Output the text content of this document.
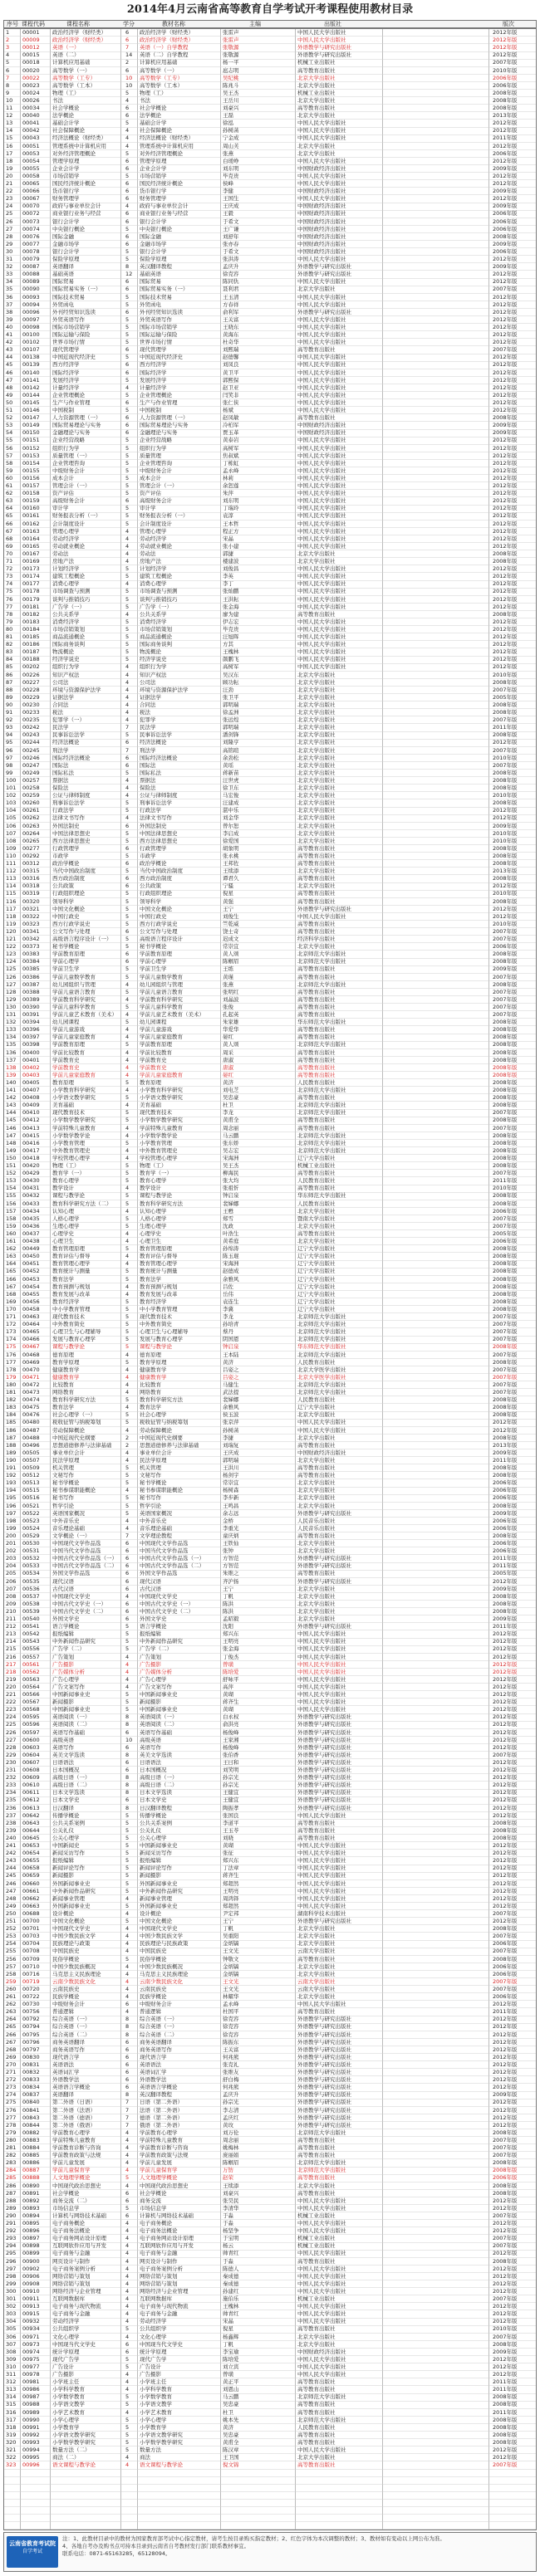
2014年4月云南省高等教育自学考试开考课程使用教材目录
序号 课程代码	课程名称	学分	教材名称	主编	出版社	版次
1	00001	政治经济学（财经类）	6	政治经济学（财经类）	张雷声	中国人民大学出版社	2012年版
2	00009	政治经济学（财经类）	6	政治经济学（财经类）	张雷声	中国人民大学出版社	2012年版
3	00012	英语（一）	7	英语（一）自学教程	张敬源	外语教学与研究出版社	2012年版
4	00015	英语（二）	14	英语（二）自学教程	张敬源	外语教学与研究出版社	2012年版
5	00018	计算机应用基础	2	计算机应用基础	杨一平	机械工业出版社	2007年版
6	00020	高等数学（一）	6	高等数学（一）	扈志明	高等教育出版社	2010年版
7	00022	高等数学（工专）	10	高等数学（工专）	吴纪桃	北京大学出版社	2006年版
8	00023	高等数学（工本）	10	高等数学（工本）	陈兆斗	北京大学出版社	2006年版
9	00024	物理（工）	5	物理（工）	吴王杰	机械工业出版社	2008年版
10	00026	书法	4	书法	王岳川	北京大学出版社	2008年版
11	00034	社会学概论	6	社会学概论	刘豪兴	高等教育出版社	2008年版
12	00040	法学概论	6	法学概论	王磊	北京大学出版社	2013年版
13	00041	基础会计学	5	基础会计学	徐泓	中国人民大学出版社	2012年版
14	00042	社会保障概论	4	社会保障概论	孙树菡	中国人民大学出版社	2012年版
15	00043	经济法概论（财经类）	4	经济法概论（财经类）	宁金成	中国人民大学出版社	2011年版
16	00051	管理系统中计算机应用	4	管理系统中计算机应用	周山芙	北京大学出版社	2012年版
17	00053	对外经济管理概论	5	对外经济管理概论	张燕	北京大学出版社	2006年版
18	00054	管理学原理	6	管理学原理	白瑷峥	中国人民大学出版社	2012年版
19	00055	企业会计学	6	企业会计学	刘东明	中国财政经济出版社	2009年版
20	00058	市场营销学	5	市场营销学	毕克贵	中国人民大学出版社	2012年版
21	00065	国民经济统计概论	6	国民经济统计概论	侯峰	中国人民大学出版社	2012年版
22	00066	货币银行学	6	货币银行学	李健	中国财政经济出版社	2009年版
23	00067	财务管理学	6	财务管理学	王国生	中国人民大学出版社	2012年版
24	00070	政府与事业单位会计	4	政府与事业单位会计	王庆成	中国财政经济出版社	2009年版
25	00072	商业银行业务与经营	6	商业银行业务与经营	王毅	中国财政经济出版社	2006年版
26	00073	银行会计学	6	银行会计学	于希文	中国财政经济出版社	2006年版
27	00074	中央银行概论	5	中央银行概论	王广谦	中国财政经济出版社	2006年版
28	00076	国际金融	6	国际金融	刘舒年	中国财政经济出版社	2008年版
29	00077	金融市场学	6	金融市场学	张亦春	中国财政经济出版社	2009年版
30	00078	银行会计学	5	银行会计学	于希文	中国财政经济出版社	2006年版
31	00079	保险学原理	5	保险学原理	张洪涛	中国人民大学出版社	2012年版
32	00087	英语翻译	8	英汉翻译教程	孟庆升	外语教学与研究出版社	2009年版
33	00088	基础英语	12	基础英语	徐克容	外语教学与研究出版社	2012年版
34	00089	国际贸易	6	国际贸易	陈同仇	中国人民大学出版社	2012年版
35	00090	国际贸易实务（一）	6	国际贸易实务（一）	聂利君	北京大学出版社	2007年版
36	00093	国际技术贸易	5	国际技术贸易	王玉清	中国人民大学出版社	2012年版
37	00094	外贸函电	5	外贸函电	方春祥	中国人民大学出版社	2012年版
38	00096	外刊经贸知识选读	6	外刊经贸知识选读	俞利军	外语教学与研究出版社	2012年版
39	00097	外贸英语写作	5	外贸英语写作	王关富	中国人民大学出版社	2012年版
40	00098	国际市场营销学	5	国际市场营销学	王晓东	中国人民大学出版社	2012年版
41	00100	国际运输与保险	5	国际运输与保险	黄海东	中国人民大学出版社	2012年版
42	00102	世界市场行情	5	世界市场行情	杜奇华	中国人民大学出版社	2012年版
43	00107	现代管理学	6	现代管理学	刘熙瑞	高等教育出版社	2007年版
44	00138	中国近现代经济史	5	中国近现代经济史	赵德馨	中国人民大学出版社	2012年版
45	00139	西方经济学	6	西方经济学	刘凤良	中国人民大学出版社	2012年版
46	00140	国际经济学	6	国际经济学	黄卫平	中国人民大学出版社	2012年版
47	00141	发展经济学	5	发展经济学	郭熙保	中国人民大学出版社	2012年版
48	00142	计量经济学	4	计量经济学	赵卫亚	中国人民大学出版社	2012年版
49	00144	企业管理概论	5	企业管理概论	闫笑非	中国人民大学出版社	2012年版
50	00145	生产与作业管理	6	生产与作业管理	张仁侠	中国人民大学出版社	2012年版
51	00146	中国税制	5	中国税制	杨斌	中国人民大学出版社	2012年版
52	00147	人力资源管理（一）	6	人力资源管理（一）	赵凤敏	高等教育出版社	2008年版
53	00149	国际贸易理论与实务	6	国际贸易理论与实务	冷柏军	中国财政经济出版社	2009年版
54	00150	金融理论与实务	6	金融理论与实务	贾玉革	中国财政经济出版社	2009年版
55	00151	企业经营战略	5	企业经营战略	黄泰岩	中国人民大学出版社	2012年版
56	00152	组织行为学	5	组织行为学	高树军	中国人民大学出版社	2012年版
57	00153	质量管理（一）	5	质量管理	焦叔斌	中国人民大学出版社	2012年版
58	00154	企业管理咨询	5	企业管理咨询	丁栋虹	中国人民大学出版社	2012年版
59	00155	中级财务会计	5	中级财务会计	孟永峰	中国人民大学出版社	2012年版
60	00156	成本会计	5	成本会计	林莉	中国人民大学出版社	2012年版
61	00157	管理会计（一）	5	管理会计（一）	余恕莲	中国人民大学出版社	2012年版
62	00158	资产评估	5	资产评估	朱萍	中国人民大学出版社	2012年版
63	00159	高级财务会计	6	高级财务会计	刘东明	中国人民大学出版社	2012年版
64	00160	审计学	5	审计学	丁瑞玲	中国人民大学出版社	2012年版
65	00161	财务报表分析（一）	5	财务报表分析（一）	袁淳	中国人民大学出版社	2012年版
66	00162	会计制度设计	5	会计制度设计	王本哲	中国人民大学出版社	2012年版
67	00163	管理心理学	4	管理心理学	程正方	中国人民大学出版社	2012年版
68	00164	劳动经济学	4	劳动经济学	宋晶	中国人民大学出版社	2012年版
69	00165	劳动就业概论	4	劳动就业概论	张小建	中国人民大学出版社	2012年版
70	00167	劳动法	4	劳动法	郭捷	北京大学出版社	2008年版
71	00169	房地产法	4	房地产法	楼建波	北京大学出版社	2008年版
72	00173	计划经济学	5	计划经济学	刘俊昌	中国人民大学出版社	2012年版
73	00174	建筑工程概论	5	建筑工程概论	李英	中国人民大学出版社	2012年版
74	00177	消费心理学	4	消费心理学	李丁	中国人民大学出版社	2012年版
75	00178	市场调查与预测	5	市场调查与预测	张灿鹏	中国人民大学出版社	2012年版
76	00179	谈判与推销技巧	5	谈判与推销技巧	王洪耘	中国人民大学出版社	2012年版
77	00181	广告学（一）	5	广告学（一）	张金海	中国人民大学出版社	2012年版
78	00182	公共关系学	4	公共关系学	廖为建	高等教育出版社	2008年版
79	00183	消费经济学	5	消费经济学	伊志宏	中国人民大学出版社	2012年版
80	00184	市场营销策划	5	市场营销策划	毕克贵	中国人民大学出版社	2012年版
81	00185	商品流通概论	5	商品流通概论	汪旭晖	中国人民大学出版社	2012年版
82	00186	国际商务谈判	5	国际商务谈判	方其	中国人民大学出版社	2012年版
83	00187	物流概论	5	物流概论	王槐林	中国人民大学出版社	2012年版
84	00188	经济学说史	5	经济学说史	颜鹏飞	中国人民大学出版社	2012年版
85	00202	组织行为学	4	组织行为学	高树军	中国人民大学出版社	2012年版
86	00226	知识产权法	4	知识产权法	吴汉东	北京大学出版社	2010年版
87	00227	公司法	4	公司法	顾功耘	北京大学出版社	2008年版
88	00228	环境与资源保护法学	4	环境与资源保护法学	汪劲	北京大学出版社	2007年版
89	00229	证据法学	4	证据法学	张卫平	北京大学出版社	2005年版
90	00230	合同法	4	合同法	郭明瑞	北京大学出版社	2008年版
91	00233	税法	4	税法	徐孟洲	北京大学出版社	2008年版
92	00235	犯罪学（一）	4	犯罪学	张远煌	北京大学出版社	2007年版
93	00242	民法学	7	民法学	郭明瑞	北京大学出版社	2011年版
94	00243	民事诉讼法学	5	民事诉讼法学	潘剑锋	北京大学出版社	2008年版
95	00244	经济法概论	6	经济法概论	刘隆亨	北京大学出版社	2012年版
96	00245	刑法学	7	刑法学	高铭暄	北京大学出版社	2007年版
97	00246	国际经济法概论	6	国际经济法概论	余劲松	北京大学出版社	2010年版
98	00247	国际法	6	国际法	黄瑶	北京大学出版社	2007年版
99	00249	国际私法	5	国际私法	蒋新苗	北京大学出版社	2008年版
100	00257	票据法	4	票据法	汪世虎	北京大学出版社	2008年版
101	00258	保险法	4	保险法	徐卫东	北京大学出版社	2008年版
102	00259	公证与律师制度	4	公证与律师制度	马宏俊	北京大学出版社	2010年版
103	00260	刑事诉讼法学	5	刑事诉讼法学	汪建成	北京大学出版社	2008年版
104	00261	行政法学	5	行政法学	湛中乐	北京大学出版社	2012年版
105	00262	法律文书写作	4	法律文书写作	刘金华	北京大学出版社	2012年版
106	00263	外国法制史	6	外国法制史	曾尔恕	北京大学出版社	2009年版
107	00264	中国法律思想史	5	中国法律思想史	李启成	北京大学出版社	2010年版
108	00265	西方法律思想史	5	西方法律思想史	徐爱国	北京大学出版社	2010年版
109	00277	行政管理学	6	行政管理学	胡象明	高等教育出版社	2008年版
110	00292	市政学	5	市政学	张永桃	高等教育出版社	2008年版
111	00312	政治学概论	6	政治学概论	王邦佐	高等教育出版社	2008年版
112	00315	当代中国政治制度	5	当代中国政治制度	王续添	北京大学出版社	2013年版
113	00316	西方政治制度	6	西方政治制度	谭君久	高等教育出版社	2008年版
114	00318	公共政策	6	公共政策	宁骚	北京大学出版社	2012年版
115	00319	行政组织理论	5	行政组织理论	倪星	高等教育出版社	2010年版
116	00320	领导科学	5	领导科学	黄强	高等教育出版社	2008年版
117	00321	中国文化概论	5	中国文化概论	王宁	外语教学与研究出版社	2012年版
118	00322	中国行政史	5	中国行政史	刘俊生	中国人民大学出版社	2012年版
119	00323	西方行政学说史	5	西方行政学说史	竺乾威	高等教育出版社	2010年版
120	00341	公文写作与处理	6	公文写作与处理	饶士奇	高等教育出版社	2007年版
121	00342	高级语言程序设计（一）	5	高级语言程序设计	迟成文	经济科学出版社	2007年版
122	00373	秘书学概论	5	秘书学概论	常崇宜	北京大学出版社	2006年版
123	00383	学前教育原理	6	学前教育原理	黄人颂	北京师范大学出版社	2008年版
124	00384	学前心理学	6	学前心理学	陈帼眉	北京师范大学出版社	2008年版
125	00385	学前卫生学	5	学前卫生学	王练	高等教育出版社	2009年版
126	00386	学前儿童数学教育	5	学前儿童数学教育	黄瑾	高等教育出版社	2007年版
127	00387	幼儿园组织与管理	4	幼儿园组织与管理	张燕	北京师范大学出版社	2008年版
128	00388	学前儿童语言教育	5	学前儿童语言教育	张明红	高等教育出版社	2007年版
129	00389	学前教育科学研究	4	学前教育科学研究	刘晶波	高等教育出版社	2007年版
130	00390	学前儿童科学教育	5	学前儿童科学教育	张俊	高等教育出版社	2007年版
131	00391	学前儿童艺术教育（美术）	4	学前儿童艺术教育（美术）	孔起英	高等教育出版社	2007年版
132	00394	幼儿园课程	5	幼儿园课程	朱家雄	华东师范大学出版社	2008年版
133	00396	学前儿童游戏	4	学前儿童游戏	华爱华	高等教育出版社	2008年版
134	00397	学前儿童家庭教育	4	学前儿童家庭教育	晏红	高等教育出版社	2008年版
135	00398	学前教育原理	5	学前教育原理	黄人颂	北京师范大学出版社	2008年版
136	00400	学前比较教育	4	学前比较教育	周采	高等教育出版社	2008年版
137	00401	学前教育史	4	学前教育史	唐淑	高等教育出版社	2008年版
138	00402	学前教育史	4	学前教育史	唐淑	高等教育出版社	2008年版
139	00403	学前儿童家庭教育	4	学前儿童家庭教育	晏红	高等教育出版社	2008年版
140	00405	教育原理	5	教育原理	黄济	人民教育出版社	2008年版
141	00407	小学教育科学研究	4	小学教育科学研究	刘电芝	北京师范大学出版社	2008年版
142	00408	小学语文教学研究	5	小学语文教学研究	吴忠豪	高等教育出版社	2008年版
143	00409	美育基础	4	美育基础	杜卫	北京师范大学出版社	2008年版
144	00410	现代教育技术	5	现代教育技术	李龙	北京师范大学出版社	2007年版
145	00412	小学数学教学研究	5	小学数学教学研究	黄甫全	高等教育出版社	2008年版
146	00413	学前特殊儿童教育	4	学前特殊儿童教育	周念丽	高等教育出版社	2007年版
147	00415	小学数学教学论	4	小学数学教学论	马云鹏	北京师范大学出版社	2008年版
148	00416	小学教育管理	5	小学教育管理	张东娇	北京师范大学出版社	2008年版
149	00417	中外教育管理史	4	中外教育管理史	吴志宏	北京师范大学出版社	2008年版
150	00418	学校管理心理学	4	学校管理心理学	宋海洲	辽宁大学出版社	2008年版
151	00420	物理（工）	5	物理（工）	吴王杰	机械工业出版社	2008年版
152	00429	教育学（一）	5	教育学（一）	柳海民	高等教育出版社	2007年版
153	00430	教育心理学	5	教育心理学	张大均	人民教育出版社	2011年版
154	00431	教学设计	4	教学设计	张祖忻	高等教育出版社	2010年版
155	00432	课程与教学论	5	课程与教学论	钟启泉	华东师范大学出版社	2008年版
156	00433	教育科学研究方法（二）	5	教育科学研究方法	裴娣娜	人民教育出版社	2008年版
157	00434	认知心理	4	认知心理学	王甦	北京大学出版社	2006年版
158	00435	人格心理学	5	人格心理学	郑雪	暨南大学出版社	2007年版
159	00436	生理心理学	5	生理心理学	沈政	北京大学出版社	2007年版
160	00437	心理学史	4	心理学史	叶浩生	高等教育出版社	2005年版
161	00438	心理卫生	4	心理卫生	黄希庭	北京大学出版社	2006年版
162	00449	教育管理原理	5	教育管理原理	孙绵涛	辽宁大学出版社	2008年版
163	00450	教育评估与督导	4	教育评估与督导	陈玉琨	辽宁大学出版社	2008年版
164	00451	教育管理心理学	4	教育管理心理学	宋海洲	辽宁大学出版社	2008年版
165	00452	教育统计与测量	5	教育统计与测量	赵德成	辽宁大学出版社	2008年版
166	00453	教育法学	5	教育法学	余雅风	辽宁大学出版社	2008年版
167	00454	教育预测与规划	4	教育预测与规划	吕佐	辽宁大学出版社	2008年版
168	00455	教育发展与改革	4	教育发展与改革	岳伟	辽宁大学出版社	2008年版
169	00456	教育经济学	5	教育经济学	袁连生	辽宁大学出版社	2008年版
170	00458	中小学教育管理	5	中小学教育管理	李冀	辽宁大学出版社	2008年版
171	00463	现代教育技术	5	现代教育技术	李龙	北京师范大学出版社	2007年版
172	00464	中外教育简史	5	中外教育简史	孙培青	北京师范大学出版社	2007年版
173	00465	心理卫生与心理辅导	5	心理卫生与心理辅导	蔡丹	北京师范大学出版社	2007年版
174	00466	发展与教育心理学	5	发展与教育心理学	阴国恩	北京师范大学出版社	2007年版
175	00467	课程与教学论	5	课程与教学论	钟启泉	华东师范大学出版社	2008年版
176	00468	德育原理	4	德育原理	王本陆	北京师范大学出版社	2007年版
177	00469	教育学原理	5	教育学原理	黄济	人民教育出版社	2008年版
178	00470	健康教育学	4	健康教育学	吕姿之	北京大学医学出版社	2007年版
179	00471	健康教育学	4	健康教育学	吕姿之	北京大学医学出版社	2007年版
180	00472	比较教育	4	比较教育	马健生	北京师范大学出版社	2007年版
181	00473	网络教育	4	网络教育	武法提	北京师范大学出版社	2007年版
182	00474	教育科学研究方法	5	教育科学研究方法	裴娣娜	人民教育出版社	2008年版
183	00475	教育法学	4	教育法学	余雅风	辽宁大学出版社	2008年版
184	00476	社会心理学（一）	5	社会心理学	侯玉波	北京大学出版社	2008年版
185	00480	税收征管与纳税筹划	5	税收征管与纳税筹划	张京萍	中国人民大学出版社	2012年版
186	00487	劳动保障概论	4	劳动保障概论	孙树菡	中国人民大学出版社	2012年版
187	00488	中国近现代史纲要	2	中国近现代史纲要	李捷	北京大学出版社	2008年版
188	00496	思想道德修养与法律基础	2	思想道德修养与法律基础	刘瑞复	高等教育出版社	2013年版
189	00505	事业单位会计	4	事业单位会计	王庆成	中国财政经济出版社	2009年版
190	00507	民法学原理	4	民法学原理	郭明瑞	北京大学出版社	2011年版
191	00509	机关管理	5	机关管理	王洪川	高等教育出版社	2008年版
192	00512	文秘写作	5	文秘写作	杨剑宇	高等教育出版社	2008年版
193	00513	秘书学概论	5	秘书学概论	常崇宜	北京大学出版社	2006年版
194	00515	秘书参谋职能概论	4	秘书参谋职能概论	杨树森	北京大学出版社	2006年版
195	00516	秘书写作	5	秘书写作	李步新	北京大学出版社	2006年版
196	00521	哲学引论	5	哲学引论	王鸣昌	北京大学出版社	2008年版
197	00522	英语国家概况	5	英语国家概况	余志远	外语教学与研究出版社	2009年版
198	00523	中外音乐史	4	中外音乐史	金桥	人民音乐出版社	2006年版
199	00524	音乐理论基础	4	音乐理论基础	李重光	人民音乐出版社	2006年版
200	00529	文学概论（一）	7	文学理论教程	童庆炳	高等教育出版社	2008年版
201	00530	中国现代文学作品选	6	中国现代文学作品选	王铁仙	北京大学出版社	2006年版
202	00531	中国当代文学作品选	6	中国当代文学作品选	张钟	北京大学出版社	2006年版
203	00532	中国古代文学作品选（一）	6	中国古代文学作品选（一）	方智范	外语教学与研究出版社	2011年版
204	00533	中国古代文学作品选（二）	6	中国古代文学作品选（二）	方智范	外语教学与研究出版社	2011年版
205	00534	外国文学作品选	6	外国文学作品选	朱维之	高等教育出版社	2005年版
206	00535	现代汉语	6	现代汉语	齐沪扬	外语教学与研究出版社	2012年版
207	00536	古代汉语	6	古代汉语	王宁	北京大学出版社	2009年版
208	00537	中国现代文学史	4	中国现代文学史	丁帆	北京大学出版社	2008年版
209	00538	中国古代文学史（一）	6	中国古代文学史（一）	陈洪	北京大学出版社	2008年版
210	00539	中国古代文学史（二）	6	中国古代文学史（二）	陈洪	北京大学出版社	2008年版
211	00540	外国文学史	6	外国文学史	孟昭毅	北京大学出版社	2009年版
212	00541	语言学概论	5	语言学概论	沈阳	外语教学与研究出版社	2011年版
213	00542	报纸编辑	5	报纸编辑	郑兴东	中国人民大学出版社	2012年版
214	00543	中外新闻作品研究	5	中外新闻作品研究	王明亮	中国人民大学出版社	2012年版
215	00556	广告学（二）	5	广告学（二）	张金海	中国人民大学出版社	2012年版
216	00557	广告策划	4	广告策划	丁俊杰	中国人民大学出版社	2012年版
217	00561	广告摄影	4	广告摄影	曾璜	中国人民大学出版社	2012年版
218	00562	广告媒体分析	4	广告媒体分析	陈培爱	中国人民大学出版社	2012年版
219	00563	广告心理学	4	广告心理学	舒咏平	中国人民大学出版社	2012年版
220	00564	广告文案写作	4	广告文案写作	高萍	中国人民大学出版社	2012年版
221	00566	中国新闻事业史	5	中国新闻事业史	黄瑚	中国人民大学出版社	2012年版
222	00567	新闻摄影	5	新闻摄影	蒋齐生	中国人民大学出版社	2012年版
223	00568	中国新闻事业史	5	中国新闻事业史	黄瑚	中国人民大学出版社	2012年版
224	00595	英语阅读（一）	8	英语阅读（一）	白永权	外语教学与研究出版社	2012年版
225	00596	英语阅读（二）	8	英语阅读（二）	俞洪亮	外语教学与研究出版社	2012年版
226	00597	英语写作基础	6	英语写作基础	杨俊峰	外语教学与研究出版社	2012年版
227	00600	高级英语	10	高级英语	王家湘	外语教学与研究出版社	2012年版
228	00603	英语写作	6	英语写作	杨俊峰	外语教学与研究出版社	2012年版
229	00604	英美文学选读	8	英美文学选读	张伯香	外语教学与研究出版社	2007年版
230	00607	日语语法	6	日语语法	王曰和	外语教学与研究出版社	2012年版
231	00608	日本国概况	6	日本国概况	刘笑明	外语教学与研究出版社	2012年版
232	00609	高级日语（一）	8	高级日语（一）	孙宗光	外语教学与研究出版社	2012年版
233	00610	高级日语（二）	8	高级日语（二）	孙宗光	外语教学与研究出版社	2012年版
234	00611	日本文学选读	8	日本文学选读	王健宜	外语教学与研究出版社	2012年版
235	00612	日本文学史	6	日本文学史	王健宜	外语教学与研究出版社	2012年版
236	00613	日汉翻译	8	日汉翻译教程	陶振孝	外语教学与研究出版社	2012年版
237	00642	传播学概论	5	传播学概论	张国良	中国人民大学出版社	2012年版
238	00643	公共关系案例	5	公共关系案例	李道平	高等教育出版社	2008年版
239	00644	公关礼仪	5	公关礼仪	王玉苓	高等教育出版社	2008年版
240	00645	公关心理学	5	公关心理学	刘晓	高等教育出版社	2008年版
241	00653	中国新闻史	5	中国新闻事业史	黄瑚	中国人民大学出版社	2012年版
242	00654	新闻采访写作	5	新闻采访写作	张征	中国人民大学出版社	2012年版
243	00655	报纸编辑	5	报纸编辑	郑兴东	中国人民大学出版社	2012年版
244	00658	新闻评论写作	5	新闻评论写作	丁法章	中国人民大学出版社	2012年版
245	00659	新闻摄影	5	新闻摄影	蒋齐生	中国人民大学出版社	2012年版
246	00660	外国新闻事业史	5	外国新闻事业史	郑超然	中国人民大学出版社	2012年版
247	00661	中外新闻作品研究	5	中外新闻作品研究	王明亮	中国人民大学出版社	2012年版
248	00662	新闻事业管理	4	新闻事业管理	周鸿铎	中国人民大学出版社	2012年版
249	00663	外国新闻事业史	5	外国新闻事业史	郑超然	中国人民大学出版社	2012年版
250	00688	设计概论	4	设计概论	尹定邦	湖南科学技术出版社	2007年版
251	00700	中国文化概论	5	中国文化概论	王宁	外语教学与研究出版社	2012年版
252	00701	中国现代文学史	4	中国现代文学史	丁帆	北京大学出版社	2008年版
253	00703	中国少数民族文学	4	中国少数民族文学	吴重阳	北京大学出版社	2007年版
254	00704	民族理论与政策	4	民族理论与民族政策	金炳镐	北京大学出版社	2006年版
255	00708	中国民族史	4	中国民族史	王文光	云南大学出版社	2007年版
256	00709	民俗学概论	5	民俗学概论	钟敬文	高等教育出版社	2008年版
257	00710	中国少数民族概况	4	中国少数民族概况	金炳镐	北京大学出版社	2006年版
258	00716	马克思主义民族理论	4	马克思主义民族理论	金炳镐	北京大学出版社	2006年版
259	00719	云南少数民族文化	4	云南少数民族文化	王文光	云南大学出版社	2007年版
260	00720	云南民族史	4	云南民族史	王文光	云南大学出版社	2007年版
261	00722	民族学概论	4	民族学概论	林耀华	北京大学出版社	2006年版
262	00730	中级财务会计	6	中级财务会计	孟永峰	中国人民大学出版社	2012年版
263	00756	普通逻辑	4	普通逻辑	杜国平	高等教育出版社	2011年版
264	00792	综合英语（一）	8	综合英语（一）	徐克容	外语教学与研究出版社	2012年版
265	00794	综合英语（一）	8	综合英语（一）	徐克容	外语教学与研究出版社	2012年版
266	00795	综合英语（二）	8	综合英语（二）	徐克容	外语教学与研究出版社	2012年版
267	00796	商务英语翻译	6	商务英语翻译	陈振东	外语教学与研究出版社	2012年版
268	00797	商务英语写作	6	商务英语写作	王关富	外语教学与研究出版社	2012年版
269	00830	现代语言学	6	现代语言学	何兆熊	外语教学与研究出版社	2012年版
270	00831	英语语法	6	英语语法	张克礼	外语教学与研究出版社	2012年版
271	00832	英语词汇学	6	英语词汇学	张维友	外语教学与研究出版社	2012年版
272	00833	外语教学法	6	外语教学法	舒白梅	外语教学与研究出版社	2012年版
273	00834	英语语言学概论	6	英语语言学概论	何兆熊	外语教学与研究出版社	2012年版
274	00837	英语翻译	8	英汉翻译教程	孟庆升	外语教学与研究出版社	2009年版
275	00840	第二外语（日语）	7	日语（第二外语）	孙宗光	外语教学与研究出版社	2012年版
276	00841	第二外语（法语）	7	法语（第二外语）	李志清	外语教学与研究出版社	2012年版
277	00843	第二外语（德语）	7	德语（第二外语）	孟庆红	外语教学与研究出版社	2012年版
278	00844	第二外语（俄语）	7	俄语（第二外语）	黄玫	外语教学与研究出版社	2012年版
279	00882	学前教育心理学	4	学前教育心理学	刘万伦	北京师范大学出版社	2008年版
280	00883	学前特殊儿童教育	4	学前特殊儿童教育	周念丽	高等教育出版社	2007年版
281	00884	学前教育诊断与咨询	4	学前教育诊断与咨询	姚梅林	高等教育出版社	2007年版
282	00885	学前教育政策与法规	4	学前教育政策与法规	庞丽娟	高等教育出版社	2007年版
283	00886	学前儿童发展	4	学前儿童发展	陈帼眉	北京师范大学出版社	2008年版
284	00887	学前儿童保育学	4	学前儿童保育学	万钫	北京师范大学出版社	2008年版
285	00888	人文地理学概论	5	人文地理学概论	赵荣	高等教育出版社	2006年版
286	00890	中国现代政治思想史	4	中国现代政治思想史	王续添	北京大学出版社	2008年版
287	00891	社会学概论	6	社会学概论	刘豪兴	高等教育出版社	2008年版
288	00892	商务交流（二）	6	商务交流	张昊民	中国人民大学出版社	2012年版
289	00893	市场信息学	5	市场信息学	李清华	中国人民大学出版社	2012年版
290	00894	计算机与网络技术基础	6	计算机与网络技术基础	于淼	机械工业出版社	2007年版
291	00895	电子商务概论	4	电子商务概论	于淼	中国人民大学出版社	2012年版
292	00896	电子商务法概论	4	电子商务法概论	杨坚争	中国人民大学出版社	2012年版
293	00897	电子商务网站设计原理	4	电子商务网站设计原理	于宝明	机械工业出版社	2007年版
294	00898	互联网软件应用与开发	4	互联网软件应用与开发	杨云	机械工业出版社	2007年版
295	00899	电子商务与金融	4	电子商务与金融	帅青红	中国人民大学出版社	2012年版
296	00900	网页设计与制作	4	网页设计与制作	于淼	高等教育出版社	2008年版
297	00902	电子商务案例分析	4	电子商务案例分析	陈德人	中国人民大学出版社	2012年版
298	00906	网络营销与策划	4	网络营销与策划	秦成德	中国人民大学出版社	2012年版
299	00908	网络营销与策划	4	网络营销与策划	秦成德	中国人民大学出版社	2012年版
300	00910	网络经济与企业管理	4	网络经济与企业管理	孙建红	中国人民大学出版社	2012年版
301	00911	互联网数据库	4	互联网数据库	施伯乐	机械工业出版社	2007年版
302	00913	电子商务与现代物流	4	电子商务与现代物流	王槐林	中国人民大学出版社	2012年版
303	00915	电子商务与金融	4	电子商务与金融	帅青红	中国人民大学出版社	2012年版
304	00932	劳动经济学	4	劳动经济学	宋晶	中国人民大学出版社	2012年版
305	00934	公共组织学	5	公共组织学	倪星	高等教育出版社	2010年版
306	00971	文化心理学	4	文化心理学	杨鑫辉	北京大学出版社	2007年版
307	00973	中国现当代文学史	6	中国现当代文学史	丁帆	北京大学出版社	2008年版
308	00974	统计学原理	6	统计学原理	李宝瑜	中国财政经济出版社	2009年版
309	00975	现代广告学	5	现代广告学	陈培爱	中国人民大学出版社	2012年版
310	00977	广告设计	5	广告设计	刘立宾	中国人民大学出版社	2012年版
311	00978	广告摄影	4	广告摄影	曾璜	中国人民大学出版社	2012年版
312	00981	小学班主任	4	小学班主任	黄正平	高等教育出版社	2011年版
313	00986	小学科学教育	4	小学科学教育	刘恩山	高等教育出版社	2011年版
314	00987	小学数学教育	5	小学数学教育	马云鹏	北京师范大学出版社	2008年版
315	00988	小学语文教学	5	小学语文教学	吴忠豪	高等教育出版社	2008年版
316	00989	小学艺术教育	4	小学艺术教育	杜卫	高等教育出版社	2011年版
317	00990	小学心理学	5	小学心理学	姚本先	北京师范大学出版社	2008年版
318	00991	小学教育学	5	小学教育学	黄济	人民教育出版社	2008年版
319	00992	小学语文教学研究	5	小学语文教学研究	吴忠豪	高等教育出版社	2008年版
320	00993	小学数学教学研究	5	小学数学教学研究	黄甫全	高等教育出版社	2008年版
321	00994	数量方法（二）	5	数量方法	陈汉章	中国人民大学出版社	2012年版
322	00995	商法（二）	4	商法	王卫国	北京大学出版社	2012年版
323	00996	语文课程与教学论	4	语文课程与教学论	倪文锦	高等教育出版社	2007年版
云南省教育考试院
自学考试
注：1、此教材目录中的教材为国家教育部考试中心指定教材，请考生按目录购买指定教材；2、红色字体为本次调整的教材；3、教材如有变动以上网公布为准。
4、各地自考办及购书点可持本目录到云南省自考教材发行部门联系教材事宜。
联系电话：0871-65163285，65128094。
